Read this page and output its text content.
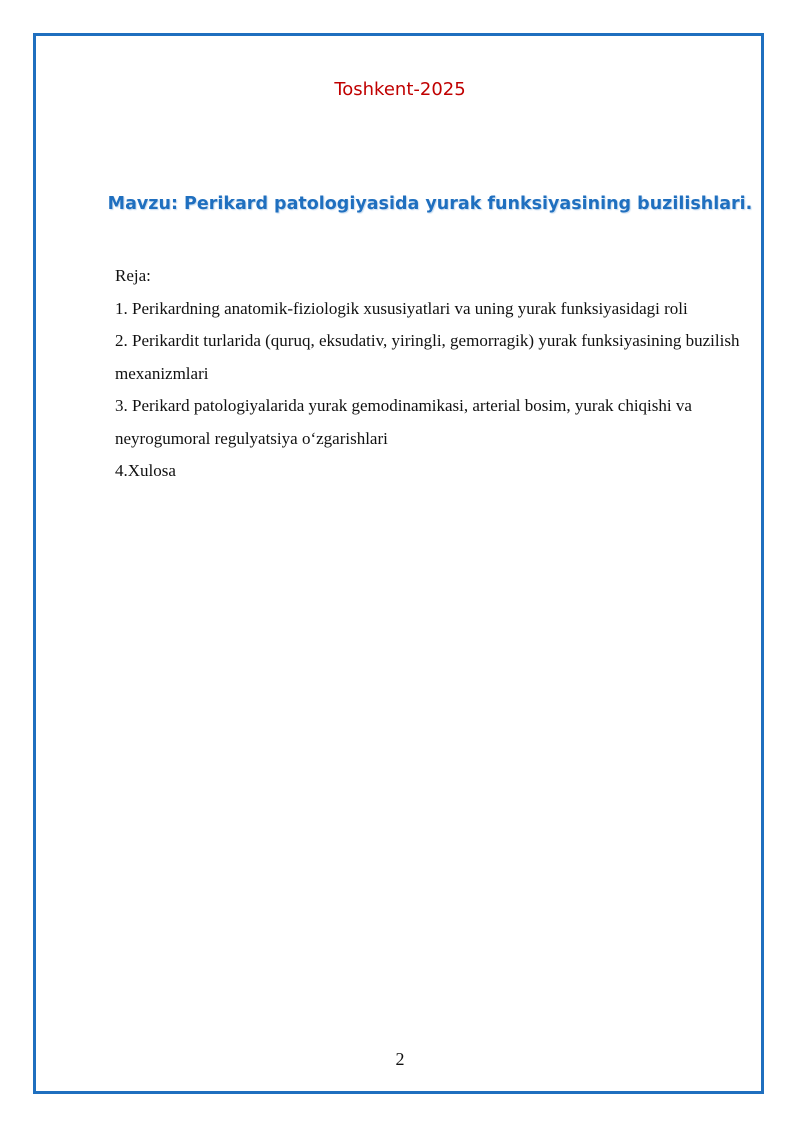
Toshkent-2025
Mavzu: Perikard patologiyasida yurak funksiyasining buzilishlari.

Reja:

1. Perikardning anatomik-fiziologik xususiyatlari va uning yurak funksiyasidagi roli

2. Perikardit turlarida (quruq, eksudativ, yiringli, gemorragik) yurak funksiyasining buzilish mexanizmlari

3. Perikard patologiyalarida yurak gemodinamikasi, arterial bosim, yurak chiqishi va neyrogumoral regulyatsiya o‘zgarishlari

4.Xulosa

2
